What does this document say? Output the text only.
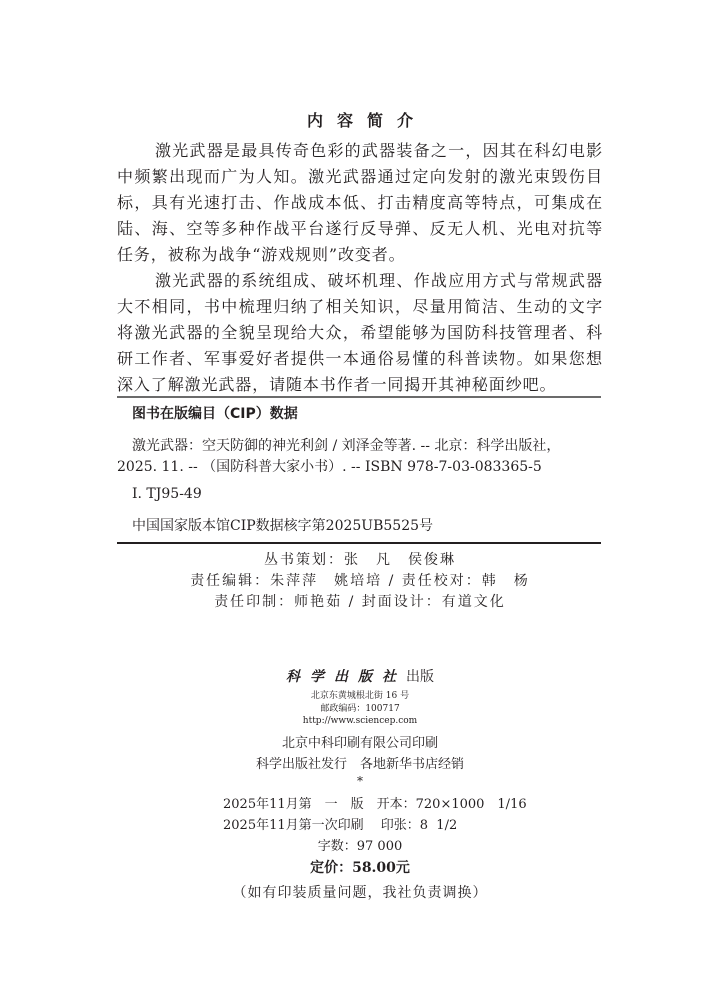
内容简介

激光武器是最具传奇色彩的武器装备之一，因其在科幻电影中频繁出现而广为人知。激光武器通过定向发射的激光束毁伤目标，具有光速打击、作战成本低、打击精度高等特点，可集成在陆、海、空等多种作战平台遂行反导弹、反无人机、光电对抗等任务，被称为战争“游戏规则”改变者。

激光武器的系统组成、破坏机理、作战应用方式与常规武器大不相同，书中梳理归纳了相关知识，尽量用简洁、生动的文字将激光武器的全貌呈现给大众，希望能够为国防科技管理者、科研工作者、军事爱好者提供一本通俗易懂的科普读物。如果您想深入了解激光武器，请随本书作者一同揭开其神秘面纱吧。

图书在版编目（CIP）数据
激光武器：空天防御的神光利剑 / 刘泽金等著. -- 北京：科学出版社，
2025. 11. -- （国防科普大家小书）. -- ISBN 978-7-03-083365-5
Ⅰ. TJ95-49
中国国家版本馆CIP数据核字第2025UB5525号
丛书策划：张　凡　侯俊琳
责任编辑：朱萍萍　姚培培 / 责任校对：韩　杨
责任印制：师艳茹 / 封面设计：有道文化
科学出版社出版
北京东黄城根北街 16 号
邮政编码：100717
http://www.sciencep.com
北京中科印刷有限公司印刷
科学出版社发行　各地新华书店经销
*
2025年11月第　一　版　开本：720×1000　1/16
2025年11月第一次印刷　 印张：8  1/2
字数：97 000
定价：58.00元
（如有印装质量问题，我社负责调换）
